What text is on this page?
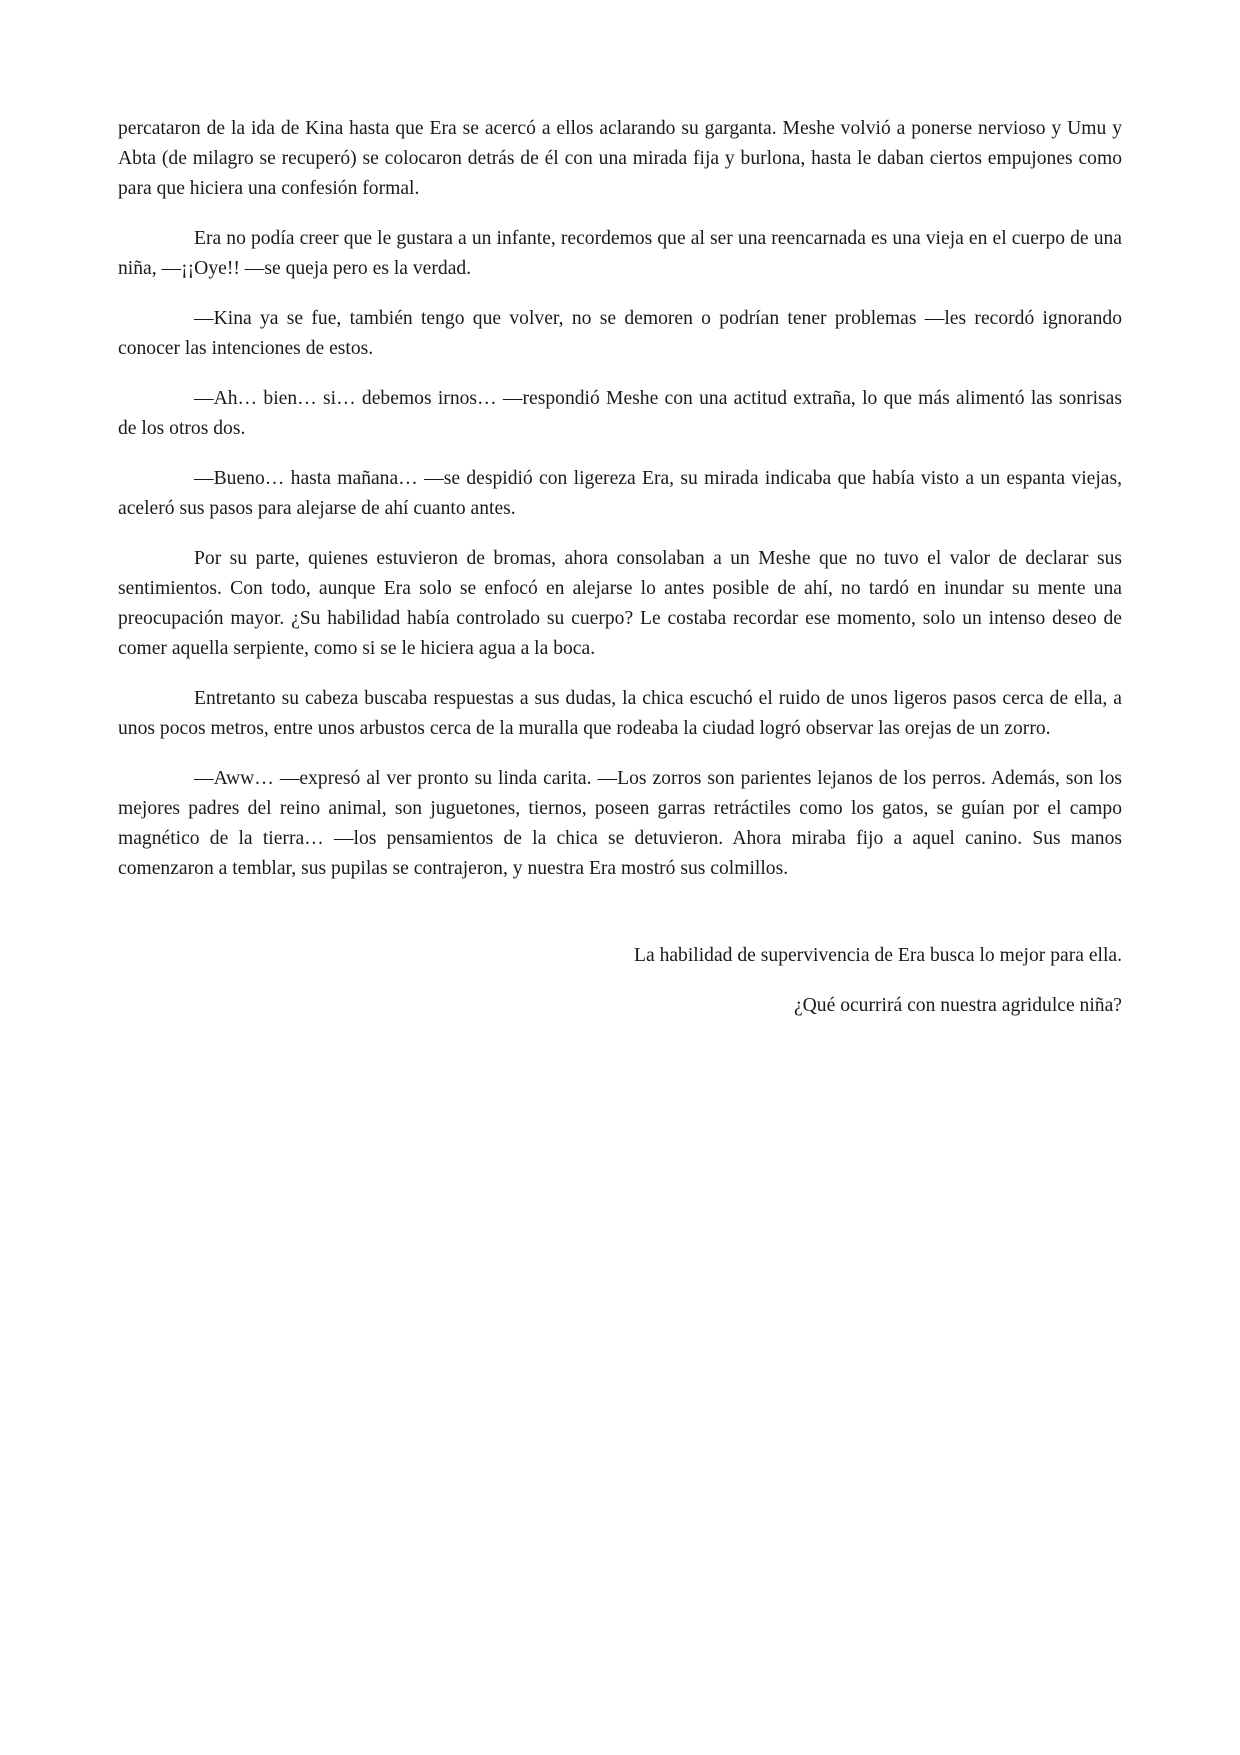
percataron de la ida de Kina hasta que Era se acercó a ellos aclarando su garganta. Meshe volvió a ponerse nervioso y Umu y Abta (de milagro se recuperó) se colocaron detrás de él con una mirada fija y burlona, hasta le daban ciertos empujones como para que hiciera una confesión formal.

Era no podía creer que le gustara a un infante, recordemos que al ser una reencarnada es una vieja en el cuerpo de una niña, —¡¡Oye!! —se queja pero es la verdad.

—Kina ya se fue, también tengo que volver, no se demoren o podrían tener problemas —les recordó ignorando conocer las intenciones de estos.

—Ah… bien… si… debemos irnos… —respondió Meshe con una actitud extraña, lo que más alimentó las sonrisas de los otros dos.

—Bueno… hasta mañana… —se despidió con ligereza Era, su mirada indicaba que había visto a un espanta viejas, aceleró sus pasos para alejarse de ahí cuanto antes.

Por su parte, quienes estuvieron de bromas, ahora consolaban a un Meshe que no tuvo el valor de declarar sus sentimientos. Con todo, aunque Era solo se enfocó en alejarse lo antes posible de ahí, no tardó en inundar su mente una preocupación mayor. ¿Su habilidad había controlado su cuerpo? Le costaba recordar ese momento, solo un intenso deseo de comer aquella serpiente, como si se le hiciera agua a la boca.

Entretanto su cabeza buscaba respuestas a sus dudas, la chica escuchó el ruido de unos ligeros pasos cerca de ella, a unos pocos metros, entre unos arbustos cerca de la muralla que rodeaba la ciudad logró observar las orejas de un zorro.

—Aww… —expresó al ver pronto su linda carita. —Los zorros son parientes lejanos de los perros. Además, son los mejores padres del reino animal, son juguetones, tiernos, poseen garras retráctiles como los gatos, se guían por el campo magnético de la tierra… —los pensamientos de la chica se detuvieron. Ahora miraba fijo a aquel canino. Sus manos comenzaron a temblar, sus pupilas se contrajeron, y nuestra Era mostró sus colmillos.

La habilidad de supervivencia de Era busca lo mejor para ella.

¿Qué ocurrirá con nuestra agridulce niña?
